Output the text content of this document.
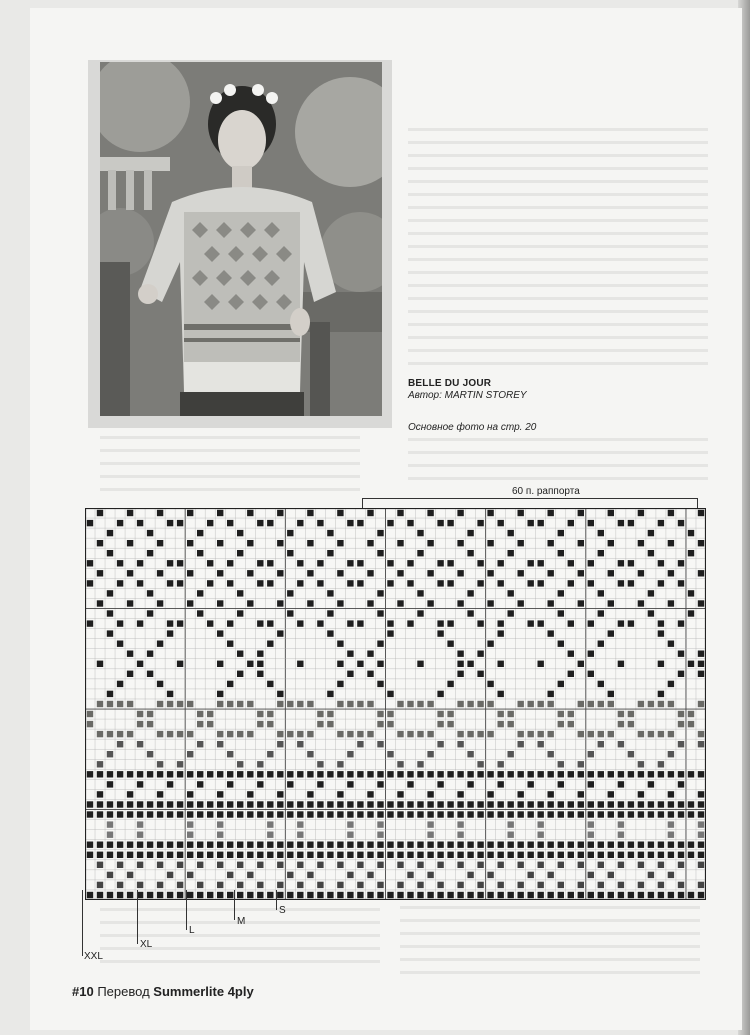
BELLE DU JOUR
Автор: MARTIN STOREY
Основное фото на стр. 20
60 п. раппорта
XXL
XL
L
M
S
#10 Перевод Summerlite 4ply
